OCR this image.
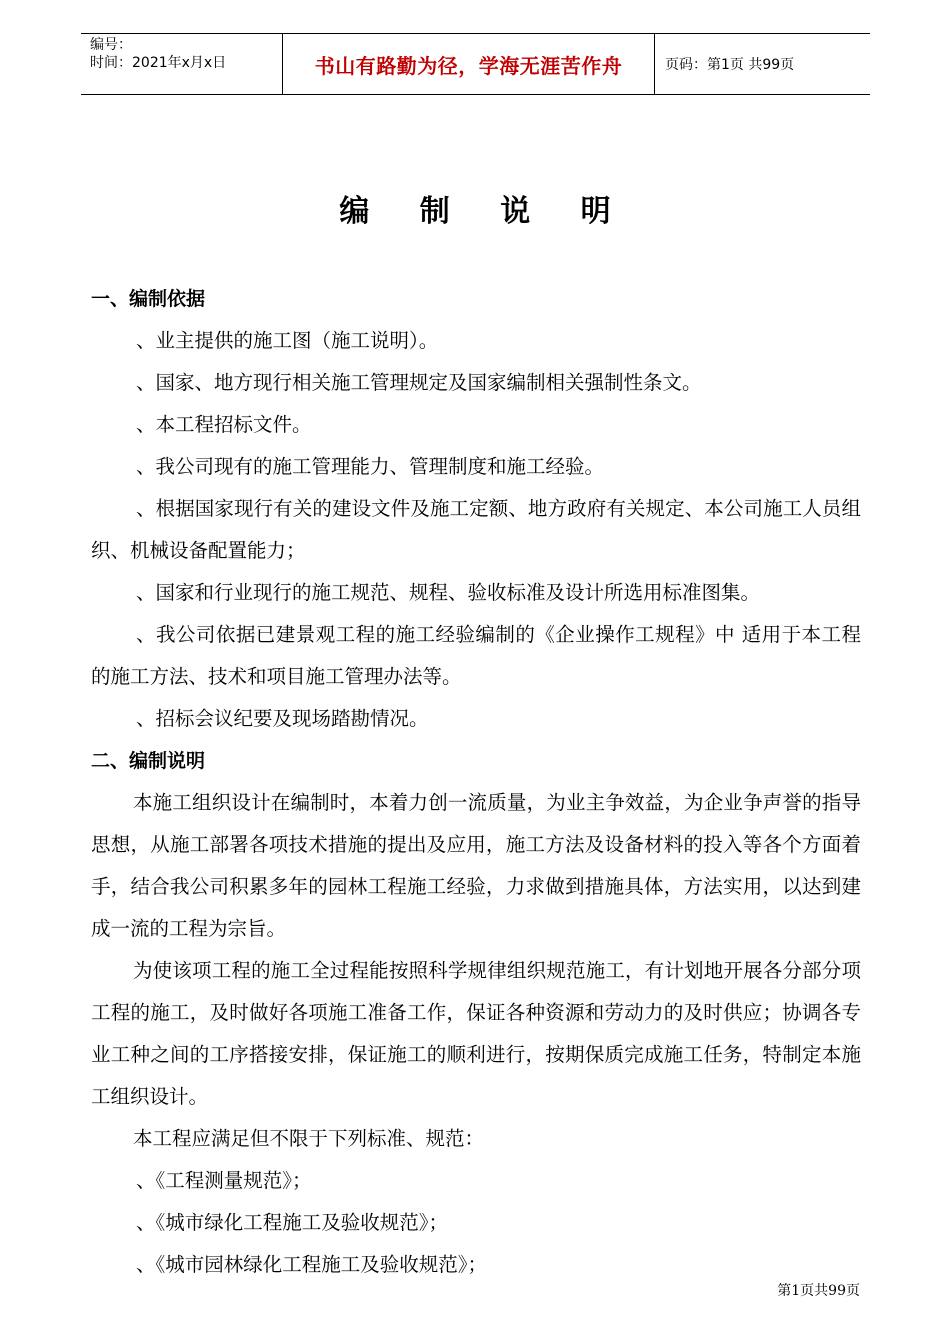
编号：
时间：2021年x月x日	书山有路勤为径，学海无涯苦作舟	页码：第1页 共99页
编 制 说 明

一、编制依据

、业主提供的施工图（施工说明）。

、国家、地方现行相关施工管理规定及国家编制相关强制性条文。

、本工程招标文件。

、我公司现有的施工管理能力、管理制度和施工经验。

、根据国家现行有关的建设文件及施工定额、地方政府有关规定、本公司施工人员组织、机械设备配置能力；

、国家和行业现行的施工规范、规程、验收标准及设计所选用标准图集。

、我公司依据已建景观工程的施工经验编制的《企业操作工规程》中 适用于本工程的施工方法、技术和项目施工管理办法等。

、招标会议纪要及现场踏勘情况。

二、编制说明

本施工组织设计在编制时，本着力创一流质量，为业主争效益，为企业争声誉的指导思想，从施工部署各项技术措施的提出及应用，施工方法及设备材料的投入等各个方面着手，结合我公司积累多年的园林工程施工经验，力求做到措施具体，方法实用，以达到建成一流的工程为宗旨。

为使该项工程的施工全过程能按照科学规律组织规范施工，有计划地开展各分部分项工程的施工，及时做好各项施工准备工作，保证各种资源和劳动力的及时供应；协调各专业工种之间的工序搭接安排，保证施工的顺利进行，按期保质完成施工任务，特制定本施工组织设计。

本工程应满足但不限于下列标准、规范：

、《工程测量规范》；

、《城市绿化工程施工及验收规范》；

、《城市园林绿化工程施工及验收规范》；

第1页共99页
